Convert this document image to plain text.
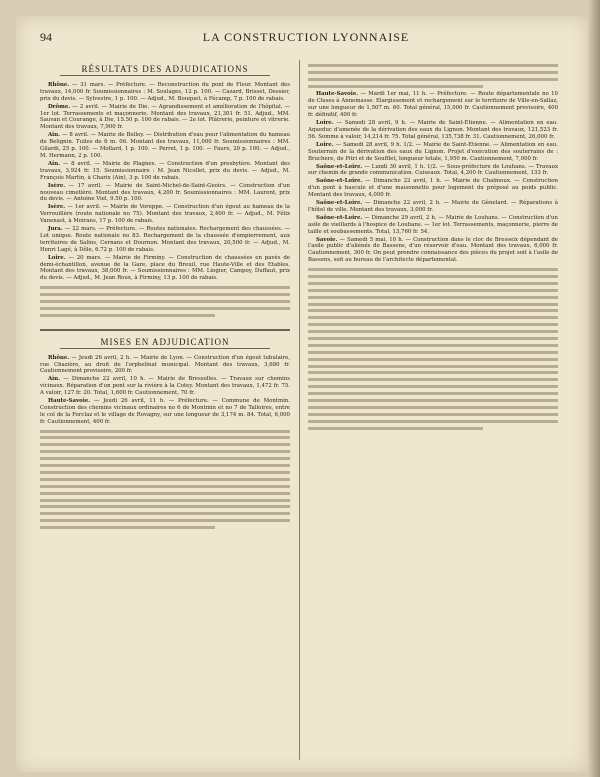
94	LA CONSTRUCTION LYONNAISE
RÉSULTATS DES ADJUDICATIONS

Rhône. — 31 mars. — Préfecture. — Reconstruction du pont de Fleur. Montant des travaux, 14,000 fr. Soumissionnaires : M. Soulages, 12 p. 100. — Cazard, Brisset, Dessier, prix du devis. — Sylvestre, 1 p. 100. — Adjud., M. Bouquet, à Fécamp, 7 p. 100 de rabais.

Drôme. — 2 avril. — Mairie de Die. — Agrandissement et amélioration de l'hôpital. — 1er lot. Terrassements et maçonnerie. Montant des travaux, 21,301 fr. 51. Adjud., MM. Sauvan et Courange, à Die, 15.50 p. 100 de rabais. — 2e lot. Plâtrerie, peinture et vitrerie. Montant des travaux, 7,900 fr.

Ain. — 8 avril. — Mairie de Belley. — Distribution d'eau pour l'alimentation du hameau de Belignin. Tuiles de 6 m. 06. Montant des travaux, 11,000 fr. Soumissionnaires : MM. Gilardi, 25 p. 100. — Mollard, 1 p. 100. — Perret, 1 p. 100. — Faure, 20 p. 100. — Adjud., M. Hermann, 2 p. 100.

Ain. — 8 avril. — Mairie de Plagnes. — Construction d'un presbytère. Montant des travaux, 3,924 fr. 15. Soumissionnaire : M. Jean Nicollet, prix du devis. — Adjud., M. François Martin, à Charix (Ain), 3 p. 100 de rabais.

Isère. — 17 avril. — Mairie de Saint-Michel-de-Saint-Geoirs. — Construction d'un nouveau cimetière. Montant des travaux, 4,200 fr. Soumissionnaires : MM. Laurent, prix du devis. — Antoine Viel, 9.50 p. 100.

Isère. — 1er avril. — Mairie de Voreppe. — Construction d'un égout au hameau de la Verrouillère (route nationale no 75). Montant des travaux, 2,400 fr. — Adjud., M. Félix Vanenast, à Moirans, 17 p. 100 de rabais.

Jura. — 22 mars. — Préfecture. — Routes nationales. Rechargement des chaussées. — Lot unique. Route nationale no 83. Rechargement de la chaussée d'empierrement, aux territoires de Salins, Cernans et Dournon. Montant des travaux, 20,500 fr. — Adjud., M. Henri Lagé, à Dôle, 6.72 p. 100 de rabais.

Loire. — 20 mars. — Mairie de Firminy. — Construction de chaussées en pavés de demi-échantillon, avenue de la Gare, place du Breuil, rue Haute-Ville et des Etables. Montant des travaux, 38,000 fr. — Soumissionnaires : MM. Liogier, Campoy, Duffaut, prix du devis. — Adjud., M. Jean Roux, à Firminy, 13 p. 100 de rabais.

MISES EN ADJUDICATION

Rhône. — Jeudi 26 avril, 2 h. — Mairie de Lyon. — Construction d'un égout tubulaire, rue Chazière, au droit de l'orphelinat municipal. Montant des travaux, 3,680 fr. Cautionnement provisoire, 200 fr.

Ain. — Dimanche 22 avril, 10 h. — Mairie de Bressolles. — Travaux sur chemins vicinaux. Réparation d'un pont sur la rivière à la Cotey. Montant des travaux, 1,472 fr. 75. A valoir, 127 fr. 20. Total, 1,600 fr. Cautionnement, 70 fr.

Haute-Savoie. — Jeudi 26 avril, 11 h. — Préfecture. — Commune de Montmin. Construction des chemins vicinaux ordinaires no 6 de Montmin et no 7 de Talloires, entre le col de la Forclaz et le village de Rovagny, sur une longueur de 3,174 m. 84. Total, 6,000 fr. Cautionnement, 400 fr.

Haute-Savoie. — Mardi 1er mai, 11 h. — Préfecture. — Route départementale no 10 de Cluses à Annemasse. Elargissement et rechargement sur le territoire de Ville-en-Sallaz, sur une longueur de 1,507 m. 60. Total général, 15,000 fr. Cautionnement provisoire, 400 fr. définitif, 400 fr.

Loire. — Samedi 28 avril, 9 h. — Mairie de Saint-Etienne. — Alimentation en eau. Aqueduc d'amenée de la dérivation des eaux du Lignon. Montant des travaux, 121,523 fr. 56. Somme à valoir, 14,214 fr. 75. Total général, 135,738 fr. 31. Cautionnement, 26,000 fr.

Loire. — Samedi 28 avril, 9 h. 1/2. — Mairie de Saint-Etienne. — Alimentation en eau. Souterrain de la dérivation des eaux du Lignon. Projet d'exécution des souterrains de : Bruchere, de Pitri et de Soufflet, longueur totale, 1,950 m. Cautionnement, 7,000 fr.

Saône-et-Loire. — Lundi 30 avril, 1 h. 1/2. — Sous-préfecture de Louhans. — Travaux sur chemin de grande communication. Cuiseaux. Total, 4,200 fr. Cautionnement, 133 fr.

Saône-et-Loire. — Dimanche 22 avril, 1 h. — Mairie de Chalmoux. — Construction d'un pont à bascule et d'une maisonnette pour logement du préposé au poids public. Montant des travaux, 4,000 fr.

Saône-et-Loire. — Dimanche 22 avril, 2 h. — Mairie de Génelard. — Réparations à l'hôtel de ville. Montant des travaux, 3,000 fr.

Saône-et-Loire. — Dimanche 29 avril, 2 h. — Mairie de Louhans. — Construction d'un asile de vieillards à l'hospice de Louhans. — 1er lot. Terrassements, maçonnerie, pierre de taille et soubassements. Total, 13,760 fr. 54.

Savoie. — Samedi 5 mai, 10 h. — Construction dans le cloc de Bresseix dépendant de l'asile public d'aliénés de Bassens, d'un réservoir d'eau. Montant des travaux, 6,000 fr. Cautionnement, 300 fr. On peut prendre connaissance des pièces du projet soit à l'asile de Bassens, soit au bureau de l'architecte départemental.
